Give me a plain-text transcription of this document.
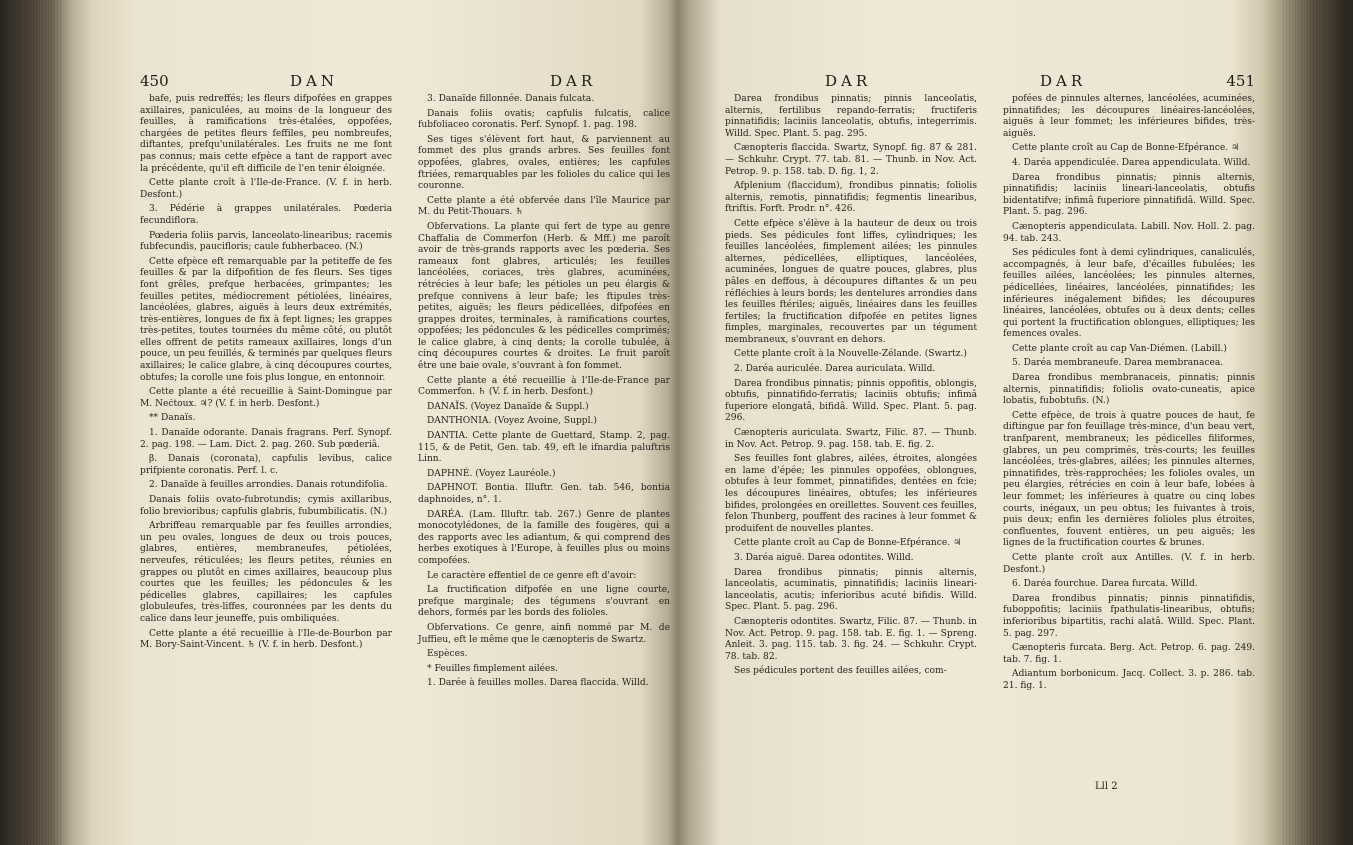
450	DAN	DAR

bafe, puis redreffés; les fleurs difpofées en grappes axillaires, paniculées, au moins de la longueur des feuilles, à ramifications très-étalées, oppofées, chargées de petites fleurs feffiles, peu nombreufes, diftantes, prefqu'unilatérales. Les fruits ne me font pas connus; mais cette efpèce a tant de rapport avec la précédente, qu'il eft difficile de l'en tenir éloignée.

Cette plante croît à l'Ile-de-France. (V. f. in herb. Desfont.)

3. Pédérie à grappes unilatérales. Pœderia fecundiflora.

Pœderia foliis parvis, lanceolato-linearibus; racemis fubfecundis, paucifloris; caule fubherbaceo. (N.)

Cette efpèce eft remarquable par la petiteffe de fes feuilles & par la difpofition de fes fleurs. Ses tiges font grêles, prefque herbacées, grimpantes; les feuilles petites, médiocrement pétiolées, linéaires, lancéolées, glabres, aiguës à leurs deux extrémités, très-entières, longues de fix à fept lignes; les grappes très-petites, toutes tournées du même côté, ou plutôt elles offrent de petits rameaux axillaires, longs d'un pouce, un peu feuillés, & terminés par quelques fleurs axillaires; le calice glabre, à cinq découpures courtes, obtufes; la corolle une fois plus longue, en entonnoir.

Cette plante a été recueillie à Saint-Domingue par M. Neċtoux. ♃? (V. f. in herb. Desfont.)

** Danaïs.

1. Danaïde odorante. Danais fragrans. Perf. Synopf. 2. pag. 198. — Lam. Dict. 2. pag. 260. Sub pœderiâ.

β. Danais (coronata), capfulis levibus, calice prifpiente coronatis. Perf. l. c.

2. Danaïde à feuilles arrondies. Danais rotundifolia.

Danais foliis ovato-fubrotundis; cymis axillaribus, folio brevioribus; capfulis glabris, fubumbilicatis. (N.)

Arbriffeau remarquable par fes feuilles arrondies, un peu ovales, longues de deux ou trois pouces, glabres, entières, membraneufes, pétiolées, nerveufes, réticulées; les fleurs petites, réunies en grappes ou plutôt en cimes axillaires, beaucoup plus courtes que les feuilles; les pédoncules & les pédicelles glabres, capillaires; les capfules globuleufes, très-liffes, couronnées par les dents du calice dans leur jeuneffe, puis ombiliquées.

Cette plante a été recueillie à l'Ile-de-Bourbon par M. Bory-Saint-Vincent. ♄ (V. f. in herb. Desfont.)

3. Danaïde fillonnée. Danais fulcata.

Danais foliis ovatis; capfulis fulcatis, calice fubfoliaceo coronatis. Perf. Synopf. 1. pag. 198.

Ses tiges s'élèvent fort haut, & parviennent au fommet des plus grands arbres. Ses feuilles font oppofées, glabres, ovales, entières; les capfules ftriées, remarquables par les folioles du calice qui les couronne.

Cette plante a été obfervée dans l'île Maurice par M. du Petit-Thouars. ♄

Obfervations. La plante qui fert de type au genre Chaffalia de Commerfon (Herb. & Mff.) me paroît avoir de très-grands rapports avec les pœderia. Ses rameaux font glabres, articulés; les feuilles lancéolées, coriaces, très glabres, acuminées, rétrécies à leur bafe; les pétioles un peu élargis & prefque connivens à leur bafe; les ftipules très-petites, aiguës; les fleurs pédicellées, difpofées en grappes droites, terminales, à ramifications courtes, oppofées; les pédoncules & les pédicelles comprimés; le calice glabre, à cinq dents; la corolle tubulée, à cinq découpures courtes & droites. Le fruit paroît être une baie ovale, s'ouvrant à fon fommet.

Cette plante a été recueillie à l'Ile-de-France par Commerfon. ♄ (V. f. in herb. Desfont.)

DANAÏS. (Voyez Danaïde & Suppl.)

DANTHONIA. (Voyez Avoine, Suppl.)

DANTIA. Cette plante de Guettard, Stamp. 2, pag. 115, & de Petit, Gen. tab. 49, eft le ifnardia paluftris Linn.

DAPHNÉ. (Voyez Lauréole.)

DAPHNOT. Bontia. Illuftr. Gen. tab. 546, bontia daphnoides, n°. 1.

DARÉA. (Lam. Illuftr. tab. 267.) Genre de plantes monocotylédones, de la famille des fougères, qui a des rapports avec les adiantum, & qui comprend des herbes exotiques à l'Europe, à feuilles plus ou moins compofées.

Le caractère effentiel de ce genre eft d'avoir:

La fructification difpofée en une ligne courte, prefque marginale; des tégumens s'ouvrant en dehors, formés par les bords des folioles.

Obfervations. Ce genre, ainfi nommé par M. de Juffieu, eft le même que le cænopteris de Swartz.

Espèces.

* Feuilles fimplement ailées.

1. Darée à feuilles molles. Darea flaccida. Willd.

DAR	DAR	451

Darea frondibus pinnatis; pinnis lanceolatis, alternis, fertilibus repando-ferratis; fructiferis pinnatifidis; laciniis lanceolatis, obtufis, integerrimis. Willd. Spec. Plant. 5. pag. 295.

Cænopteris flaccida. Swartz, Synopf. fig. 87 & 281. — Schkuhr. Crypt. 77. tab. 81. — Thunb. in Nov. Act. Petrop. 9. p. 158. tab. D. fig. 1, 2.

Afplenium (flaccidum), frondibus pinnatis; foliolis alternis, remotis, pinnatifidis; fegmentis linearibus, ftriftis. Forft. Prodr. n°. 426.

Cette efpèce s'élève à la hauteur de deux ou trois pieds. Ses pédicules font liffes, cylindriques; les feuilles lancéolées, fimplement ailées; les pinnules alternes, pédicellées, elliptiques, lancéolées, acuminées, longues de quatre pouces, glabres, plus pâles en deffous, à découpures diftantes & un peu réfléchies à leurs bords; les dentelures arrondies dans les feuilles ftériles; aiguës, linéaires dans les feuilles fertiles; la fructification difpofée en petites lignes fimples, marginales, recouvertes par un tégument membraneux, s'ouvrant en dehors.

Cette plante croît à la Nouvelle-Zélande. (Swartz.)

2. Daréa auriculée. Darea auriculata. Willd.

Darea frondibus pinnatis; pinnis oppofitis, oblongis, obtufis, pinnatifido-ferratis; laciniis obtufis; infimâ fuperiore elongatâ, bifidâ. Willd. Spec. Plant. 5. pag. 296.

Cænopteris auriculata. Swartz, Filic. 87. — Thunb. in Nov. Act. Petrop. 9. pag. 158. tab. E. fig. 2.

Ses feuilles font glabres, ailées, étroites, alongées en lame d'épée; les pinnules oppofées, oblongues, obtufes à leur fommet, pinnatifides, dentées en fcie; les découpures linéaires, obtufes; les inférieures bifides, prolongées en oreillettes. Souvent ces feuilles, felon Thunberg, pouffent des racines à leur fommet & produifent de nouvelles plantes.

Cette plante croît au Cap de Bonne-Efpérance. ♃

3. Daréa aiguë. Darea odontites. Willd.

Darea frondibus pinnatis; pinnis alternis, lanceolatis, acuminatis, pinnatifidis; laciniis lineari-lanceolatis, acutis; inferioribus acuté bifidis. Willd. Spec. Plant. 5. pag. 296.

Cænopteris odontites. Swartz, Filic. 87. — Thunb. in Nov. Act. Petrop. 9. pag. 158. tab. E. fig. 1. — Spreng. Anleit. 3. pag. 115. tab. 3. fig. 24. — Schkuhr. Crypt. 78. tab. 82.

Ses pédicules portent des feuilles ailées, com-

pofées de pinnules alternes, lancéolées, acuminées, pinnatifides; les découpures linéaires-lancéolées, aiguës à leur fommet; les inférieures bifides, très-aiguës.

Cette plante croît au Cap de Bonne-Efpérance. ♃

4. Daréa appendiculée. Darea appendiculata. Willd.

Darea frondibus pinnatis; pinnis alternis, pinnatifidis; laciniis lineari-lanceolatis, obtufis bidentatifve; infimâ fuperiore pinnatifidâ. Willd. Spec. Plant. 5. pag. 296.

Cænopteris appendiculata. Labill. Nov. Holl. 2. pag. 94. tab. 243.

Ses pédicules font à demi cylindriques, canaliculés, accompagnés, à leur bafe, d'écailles fubulées; les feuilles ailées, lancéolées; les pinnules alternes, pédicellées, linéaires, lancéolées, pinnatifides; les inférieures inégalement bifides; les découpures linéaires, lancéolées, obtufes ou à deux dents; celles qui portent la fructification oblongues, elliptiques; les femences ovales.

Cette plante croît au cap Van-Diémen. (Labill.)

5. Daréa membraneufe. Darea membranacea.

Darea frondibus membranaceis, pinnatis; pinnis alternis, pinnatifidis; foliolis ovato-cuneatis, apice lobatis, fubobtufis. (N.)

Cette efpèce, de trois à quatre pouces de haut, fe diftingue par fon feuillage très-mince, d'un beau vert, tranfparent, membraneux; les pédicelles filiformes, glabres, un peu comprimés, très-courts; les feuilles lancéolées, très-glabres, ailées; les pinnules alternes, pinnatifides, très-rapprochées; les folioles ovales, un peu élargies, rétrécies en coin à leur bafe, lobées à leur fommet; les inférieures à quatre ou cinq lobes courts, inégaux, un peu obtus; les fuivantes à trois, puis deux; enfin les dernières folioles plus étroites, confluentes, fouvent entières, un peu aiguës; les lignes de la fructification courtes & brunes.

Cette plante croît aux Antilles. (V. f. in herb. Desfont.)

6. Daréa fourchue. Darea furcata. Willd.

Darea frondibus pinnatis; pinnis pinnatifidis, fuboppofitis; laciniis fpathulatis-linearibus, obtufis; inferioribus bipartitis, rachi alatâ. Willd. Spec. Plant. 5. pag. 297.

Cænopteris furcata. Berg. Act. Petrop. 6. pag. 249. tab. 7. fig. 1.

Adiantum borbonicum. Jacq. Collect. 3. p. 286. tab. 21. fig. 1.

Lll 2
